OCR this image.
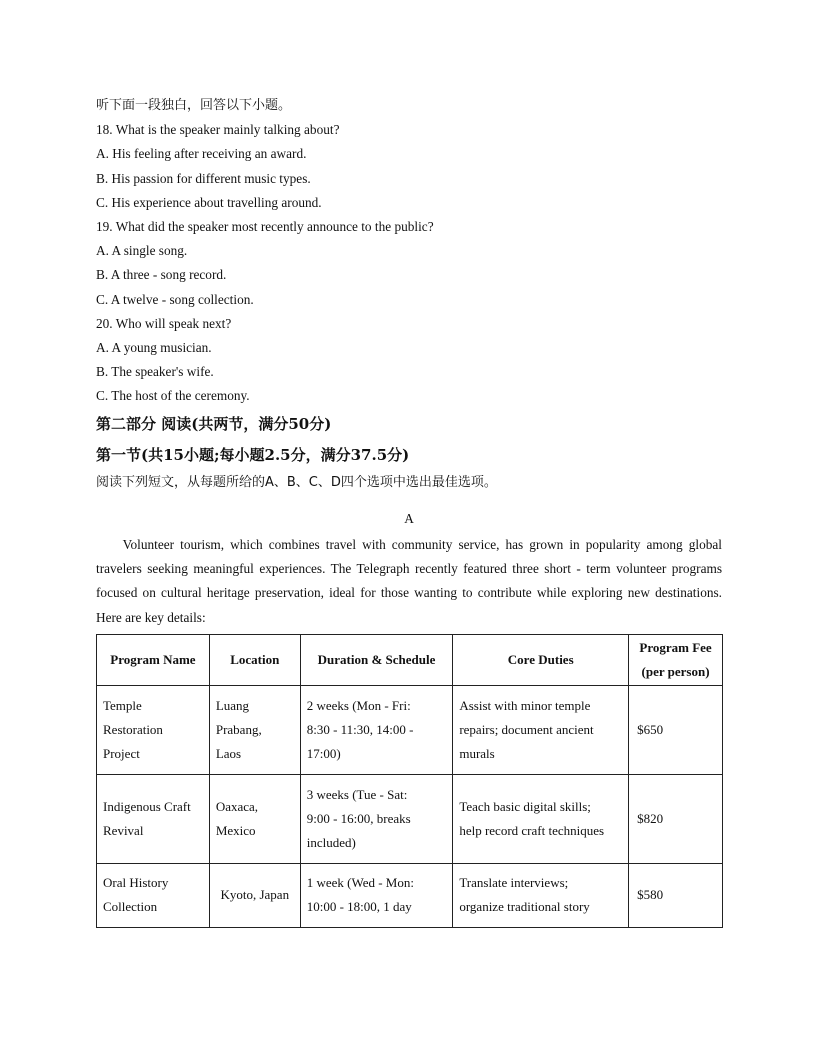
听下面一段独白，回答以下小题。
18. What is the speaker mainly talking about?
A. His feeling after receiving an award.
B. His passion for different music types.
C. His experience about travelling around.
19. What did the speaker most recently announce to the public?
A. A single song.
B. A three - song record.
C. A twelve - song collection.
20. Who will speak next?
A. A young musician.
B. The speaker's wife.
C. The host of the ceremony.
第二部分 阅读(共两节，满分50分)
第一节(共15小题;每小题2.5分，满分37.5分)
阅读下列短文，从每题所给的A、B、C、D四个选项中选出最佳选项。
A

Volunteer tourism, which combines travel with community service, has grown in popularity among global travelers seeking meaningful experiences. The Telegraph recently featured three short - term volunteer programs focused on cultural heritage preservation, ideal for those wanting to contribute while exploring new destinations. Here are key details:

Program Name	Location	Duration & Schedule	Core Duties	Program Fee
(per person)

Temple
Restoration
Project	Luang
Prabang,
Laos	2 weeks (Mon - Fri:
8:30 - 11:30, 14:00 -
17:00)	Assist with minor temple
repairs; document ancient
murals	$650

Indigenous Craft
Revival	Oaxaca,
Mexico	3 weeks (Tue - Sat:
9:00 - 16:00, breaks
included)	Teach basic digital skills;
help record craft techniques	$820

Oral History
Collection	Kyoto, Japan	1 week (Wed - Mon:
10:00 - 18:00, 1 day	Translate interviews;
organize traditional story	$580
